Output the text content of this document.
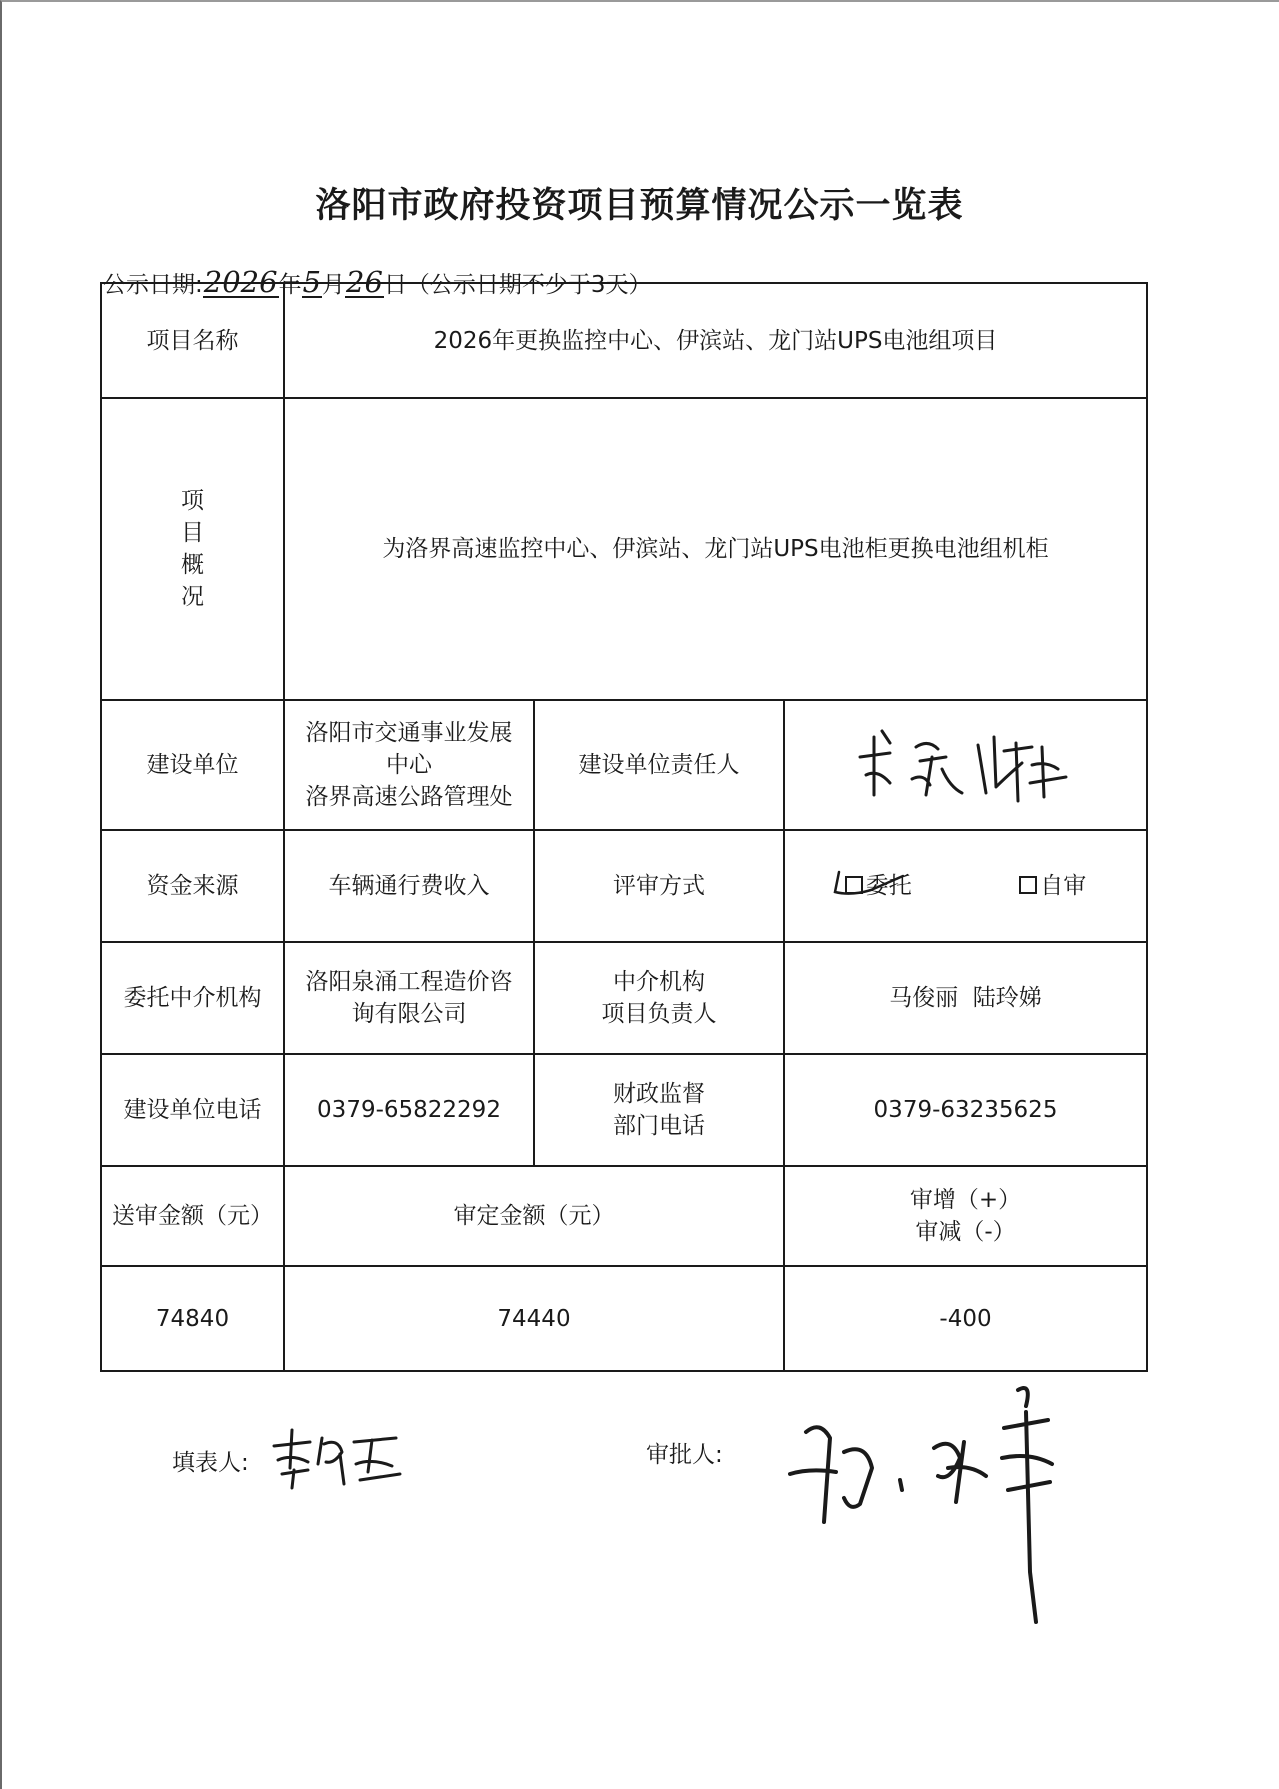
洛阳市政府投资项目预算情况公示一览表
公示日期:2026年5月26日（公示日期不少于3天）
项目名称	2026年更换监控中心、伊滨站、龙门站UPS电池组项目		
项
目
概
况	为洛界高速监控中心、伊滨站、龙门站UPS电池柜更换电池组机柜		
建设单位	洛阳市交通事业发展
中心
洛界高速公路管理处	建设单位责任人	

资金来源	车辆通行费收入	评审方式	委托 自审

委托中介机构	洛阳泉涌工程造价咨
询有限公司	中介机构
项目负责人	马俊丽  陆玲娣
建设单位电话	0379-65822292	财政监督
部门电话	0379-63235625
送审金额（元）	审定金额（元）		审增（+）
审减（-）
74840	74440		-400
填表人:	审批人:
